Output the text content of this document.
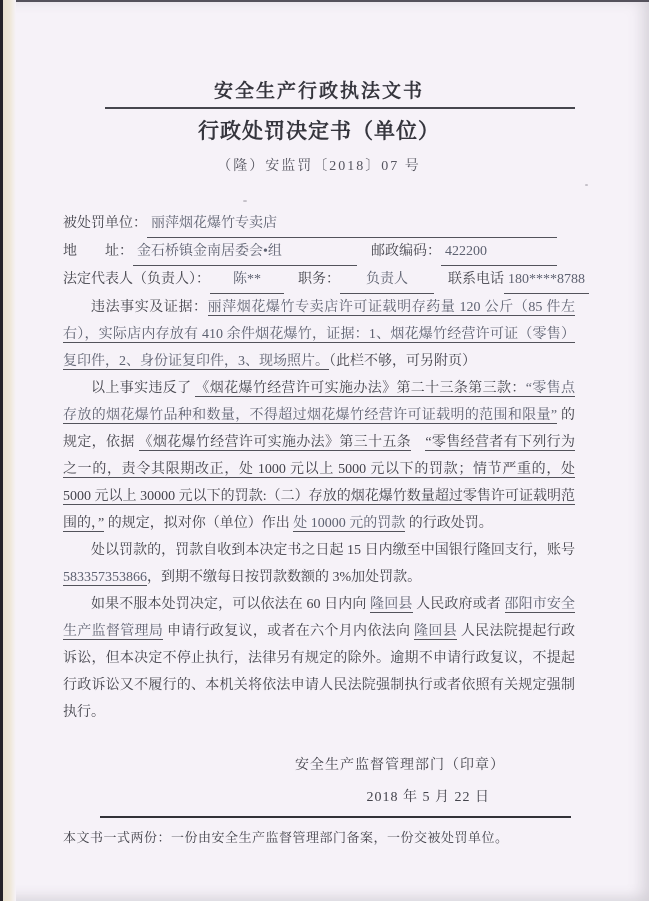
安全生产行政执法文书
行政处罚决定书（单位）
（隆）安监罚〔2018〕07 号
被处罚单位： 丽萍烟花爆竹专卖店
地　　址： 金石桥镇金南居委会•组	邮政编码： 422200
法定代表人（负责人）：	陈**	职务：	负责人	联系电话 180****8788

违法事实及证据：丽萍烟花爆竹专卖店许可证载明存药量 120 公斤（85 件左右），实际店内存放有 410 余件烟花爆竹，证据：1、烟花爆竹经营许可证（零售）复印件，2、身份证复印件，3、现场照片。（此栏不够，可另附页）

以上事实违反了 《烟花爆竹经营许可实施办法》第二十三条第三款：“零售点存放的烟花爆竹品种和数量，不得超过烟花爆竹经营许可证载明的范围和限量” 的规定，依据 《烟花爆竹经营许可实施办法》第三十五条　 “零售经营者有下列行为之一的，责令其限期改正，处 1000 元以上 5000 元以下的罚款；情节严重的，处 5000 元以上 30000 元以下的罚款:（二）存放的烟花爆竹数量超过零售许可证载明范围的，” 的规定，拟对你（单位）作出 处 10000 元的罚款 的行政处罚。

处以罚款的，罚款自收到本决定书之日起 15 日内缴至中国银行隆回支行，账号 583357353866，到期不缴每日按罚款数额的 3%加处罚款。

如果不服本处罚决定，可以依法在 60 日内向 隆回县 人民政府或者 邵阳市安全生产监督管理局 申请行政复议，或者在六个月内依法向 隆回县 人民法院提起行政诉讼，但本决定不停止执行，法律另有规定的除外。逾期不申请行政复议，不提起行政诉讼又不履行的、本机关将依法申请人民法院强制执行或者依照有关规定强制执行。

安全生产监督管理部门（印章）
2018 年 5 月 22 日
本文书一式两份：一份由安全生产监督管理部门备案，一份交被处罚单位。
